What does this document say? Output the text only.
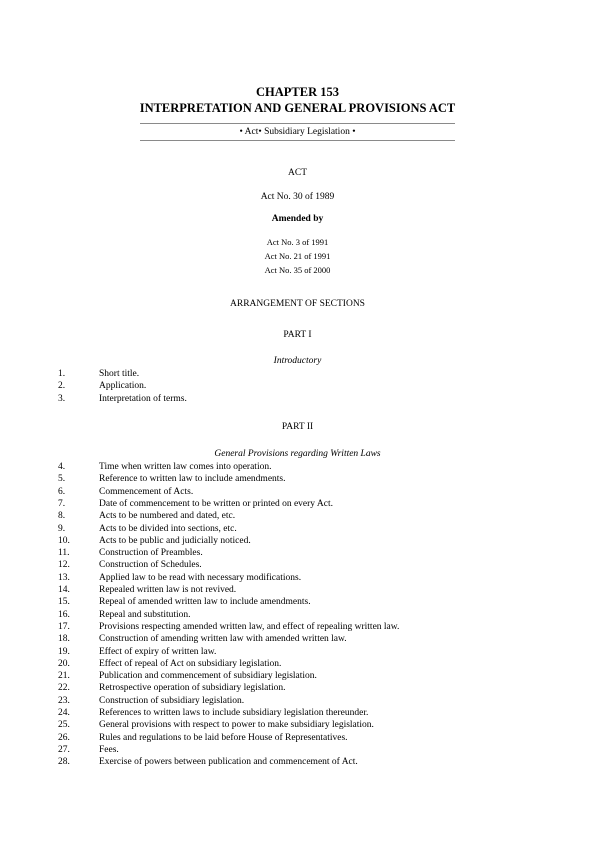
CHAPTER 153
INTERPRETATION AND GENERAL PROVISIONS ACT
• Act• Subsidiary Legislation •
ACT
Act No. 30 of 1989
Amended by
Act No. 3 of 1991
Act No. 21 of 1991
Act No. 35 of 2000
ARRANGEMENT OF SECTIONS
PART I
Introductory
1.	Short title.
2.	Application.
3.	Interpretation of terms.
PART II
General Provisions regarding Written Laws
4.	Time when written law comes into operation.
5.	Reference to written law to include amendments.
6.	Commencement of Acts.
7.	Date of commencement to be written or printed on every Act.
8.	Acts to be numbered and dated, etc.
9.	Acts to be divided into sections, etc.
10.	Acts to be public and judicially noticed.
11.	Construction of Preambles.
12.	Construction of Schedules.
13.	Applied law to be read with necessary modifications.
14.	Repealed written law is not revived.
15.	Repeal of amended written law to include amendments.
16.	Repeal and substitution.
17.	Provisions respecting amended written law, and effect of repealing written law.
18.	Construction of amending written law with amended written law.
19.	Effect of expiry of written law.
20.	Effect of repeal of Act on subsidiary legislation.
21.	Publication and commencement of subsidiary legislation.
22.	Retrospective operation of subsidiary legislation.
23.	Construction of subsidiary legislation.
24.	References to written laws to include subsidiary legislation thereunder.
25.	General provisions with respect to power to make subsidiary legislation.
26.	Rules and regulations to be laid before House of Representatives.
27.	Fees.
28.	Exercise of powers between publication and commencement of Act.
